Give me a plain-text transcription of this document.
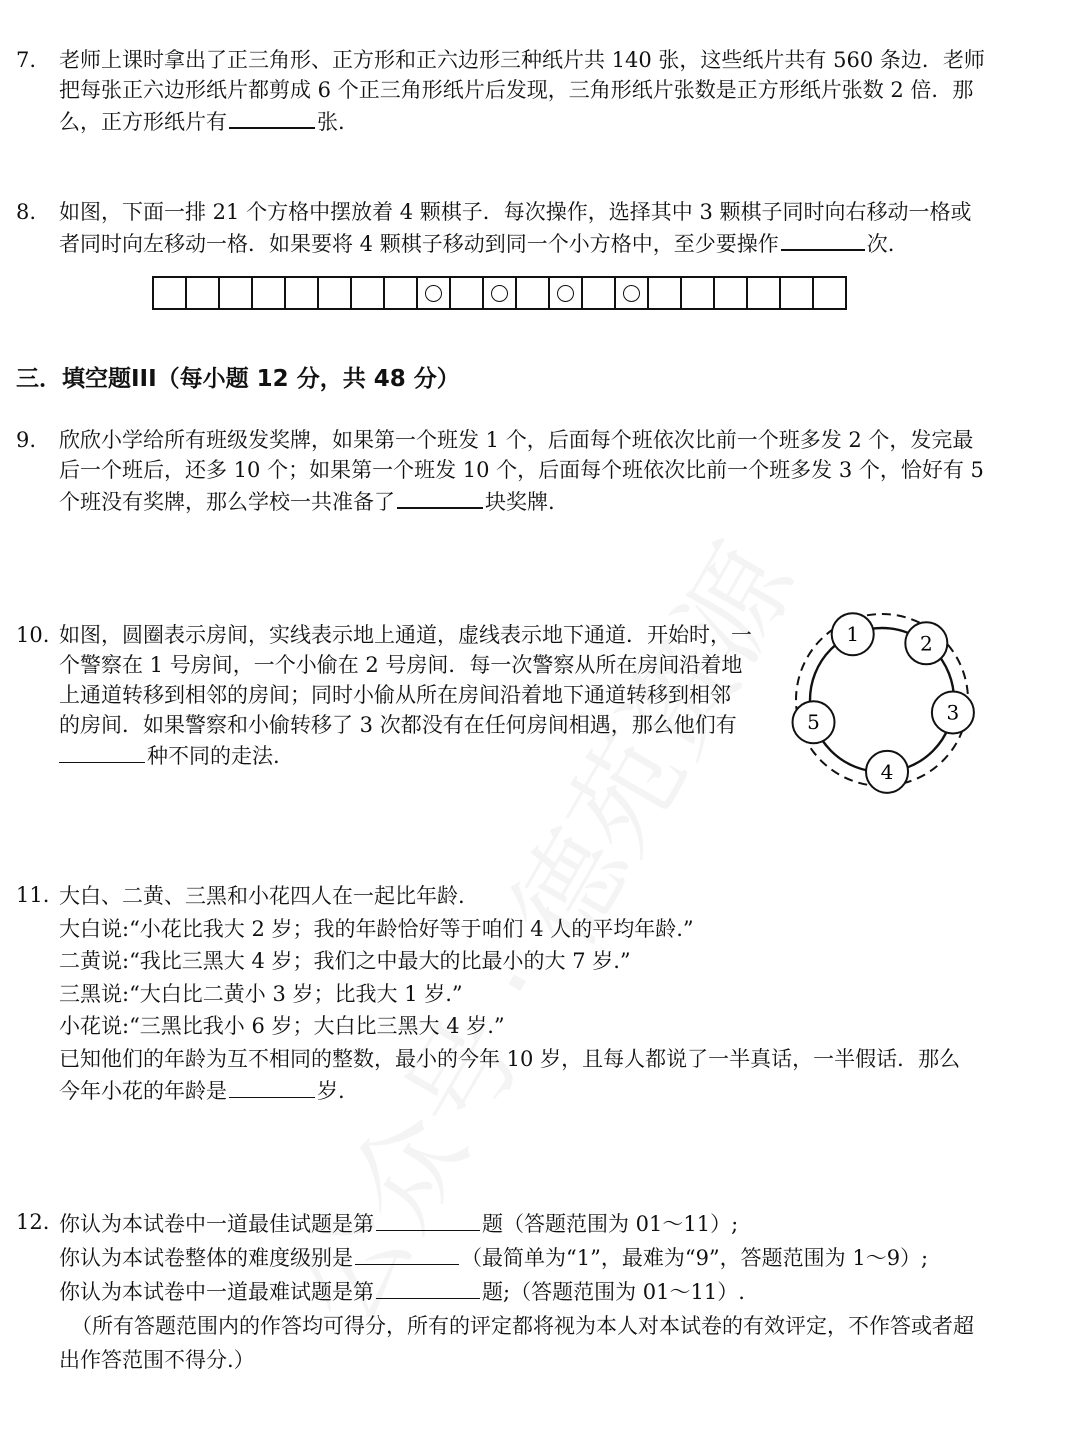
7.	老师上课时拿出了正三角形、正方形和正六边形三种纸片共 140 张，这些纸片共有 560 条边．老师
把每张正六边形纸片都剪成 6 个正三角形纸片后发现，三角形纸片张数是正方形纸片张数 2 倍．那
么，正方形纸片有	张.
8.	如图，下面一排 21 个方格中摆放着 4 颗棋子．每次操作，选择其中 3 颗棋子同时向右移动一格或
者同时向左移动一格．如果要将 4 颗棋子移动到同一个小方格中，至少要操作	次.
三．填空题III（每小题 12 分，共 48 分）
9.	欣欣小学给所有班级发奖牌，如果第一个班发 1 个，后面每个班依次比前一个班多发 2 个，发完最
后一个班后，还多 10 个；如果第一个班发 10 个，后面每个班依次比前一个班多发 3 个，恰好有 5
个班没有奖牌，那么学校一共准备了	块奖牌.
10. 如图，圆圈表示房间，实线表示地上通道，虚线表示地下通道．开始时，一
个警察在 1 号房间，一个小偷在 2 号房间．每一次警察从所在房间沿着地
上通道转移到相邻的房间；同时小偷从所在房间沿着地下通道转移到相邻
的房间．如果警察和小偷转移了 3 次都没有在任何房间相遇，那么他们有
种不同的走法.
1	2
3
4
5
11. 大白、二黄、三黑和小花四人在一起比年龄.
大白说:“小花比我大 2 岁；我的年龄恰好等于咱们 4 人的平均年龄.”
二黄说:“我比三黑大 4 岁；我们之中最大的比最小的大 7 岁.”
三黑说:“大白比二黄小 3 岁；比我大 1 岁.”
小花说:“三黑比我小 6 岁；大白比三黑大 4 岁.”
已知他们的年龄为互不相同的整数，最小的今年 10 岁，且每人都说了一半真话，一半假话．那么
今年小花的年龄是	岁.
12. 你认为本试卷中一道最佳试题是第	题（答题范围为 01～11）;
你认为本试卷整体的难度级别是	（最简单为“1”，最难为“9”，答题范围为 1～9）;
你认为本试卷中一道最难试题是第	题;（答题范围为 01～11）.
（所有答题范围内的作答均可得分，所有的评定都将视为本人对本试卷的有效评定，不作答或者超
出作答范围不得分.）
